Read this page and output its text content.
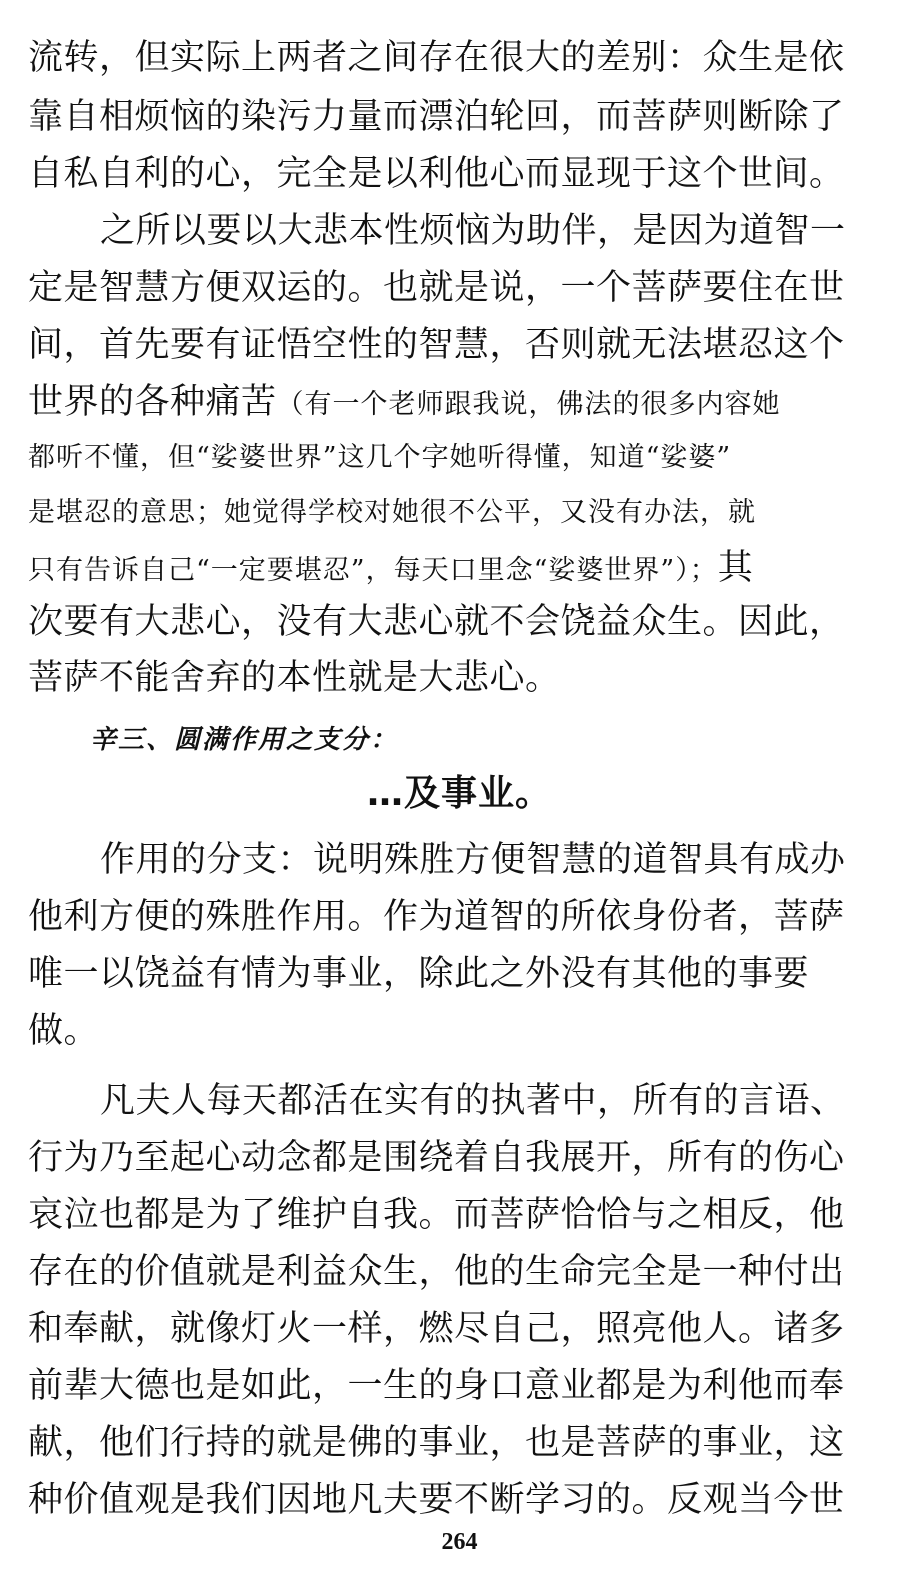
流转，但实际上两者之间存在很大的差别：众生是依
靠自相烦恼的染污力量而漂泊轮回，而菩萨则断除了
自私自利的心，完全是以利他心而显现于这个世间。
之所以要以大悲本性烦恼为助伴，是因为道智一
定是智慧方便双运的。也就是说，一个菩萨要住在世
间，首先要有证悟空性的智慧，否则就无法堪忍这个
世界的各种痛苦（有一个老师跟我说，佛法的很多内容她
都听不懂，但“娑婆世界”这几个字她听得懂，知道“娑婆”
是堪忍的意思；她觉得学校对她很不公平，又没有办法，就
只有告诉自己“一定要堪忍”，每天口里念“娑婆世界”）；其
次要有大悲心，没有大悲心就不会饶益众生。因此，
菩萨不能舍弃的本性就是大悲心。
辛三、圆满作用之支分：
…及事业。
作用的分支：说明殊胜方便智慧的道智具有成办
他利方便的殊胜作用。作为道智的所依身份者，菩萨
唯一以饶益有情为事业，除此之外没有其他的事要
做。
凡夫人每天都活在实有的执著中，所有的言语、
行为乃至起心动念都是围绕着自我展开，所有的伤心
哀泣也都是为了维护自我。而菩萨恰恰与之相反，他
存在的价值就是利益众生，他的生命完全是一种付出
和奉献，就像灯火一样，燃尽自己，照亮他人。诸多
前辈大德也是如此，一生的身口意业都是为利他而奉
献，他们行持的就是佛的事业，也是菩萨的事业，这
种价值观是我们因地凡夫要不断学习的。反观当今世
264
